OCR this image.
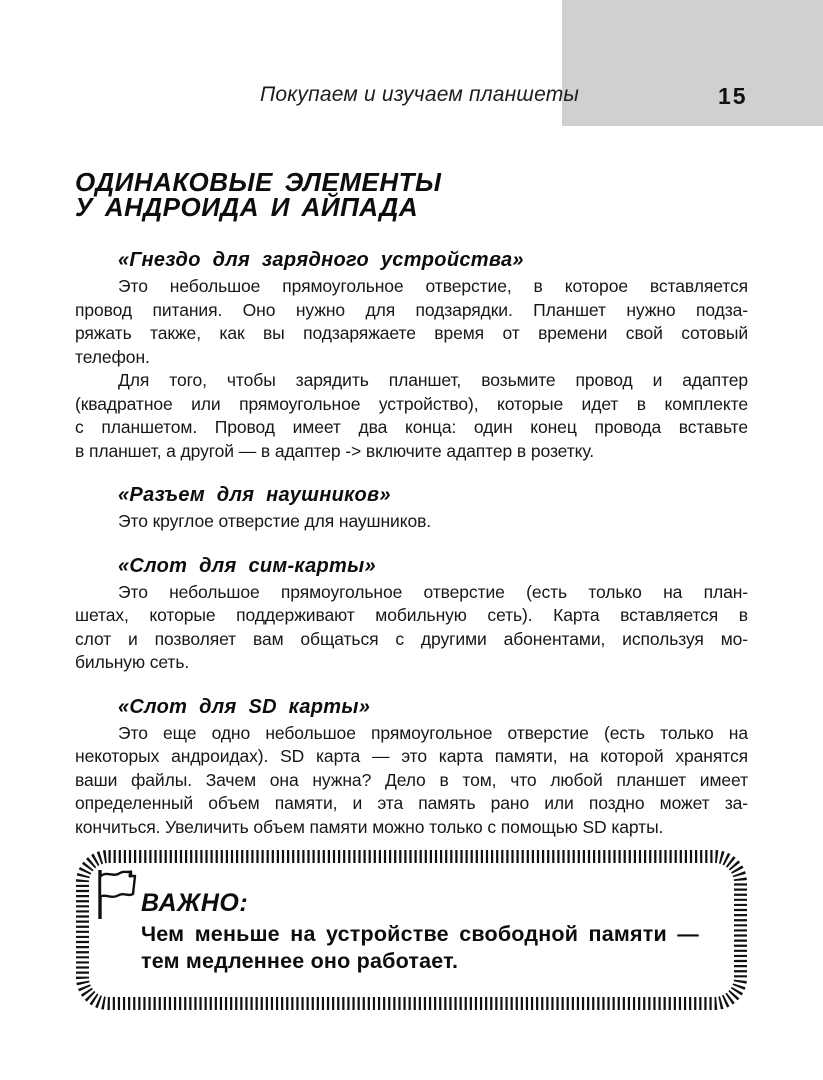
Покупаем и изучаем планшеты	15
ОДИНАКОВЫЕ ЭЛЕМЕНТЫ
У АНДРОИДА И АЙПАДА
«Гнездо для зарядного устройства»
Это небольшое прямоугольное отверстие, в которое вставляется
провод питания. Оно нужно для подзарядки. Планшет нужно подза-
ряжать также, как вы подзаряжаете время от времени свой сотовый
телефон.
Для того, чтобы зарядить планшет, возьмите провод и адаптер
(квадратное или прямоугольное устройство), которые идет в комплекте
с планшетом. Провод имеет два конца: один конец провода вставьте
в планшет, а другой — в адаптер -> включите адаптер в розетку.
«Разъем для наушников»
Это круглое отверстие для наушников.
«Слот для сим-карты»
Это небольшое прямоугольное отверстие (есть только на план-
шетах, которые поддерживают мобильную сеть). Карта вставляется в
слот и позволяет вам общаться с другими абонентами, используя мо-
бильную сеть.
«Слот для SD карты»
Это еще одно небольшое прямоугольное отверстие (есть только на
некоторых андроидах). SD карта — это карта памяти, на которой хранятся
ваши файлы. Зачем она нужна? Дело в том, что любой планшет имеет
определенный объем памяти, и эта память рано или поздно может за-
кончиться. Увеличить объем памяти можно только с помощью SD карты.
ВАЖНО:
Чем меньше на устройстве свободной памяти —
тем медленнее оно работает.
